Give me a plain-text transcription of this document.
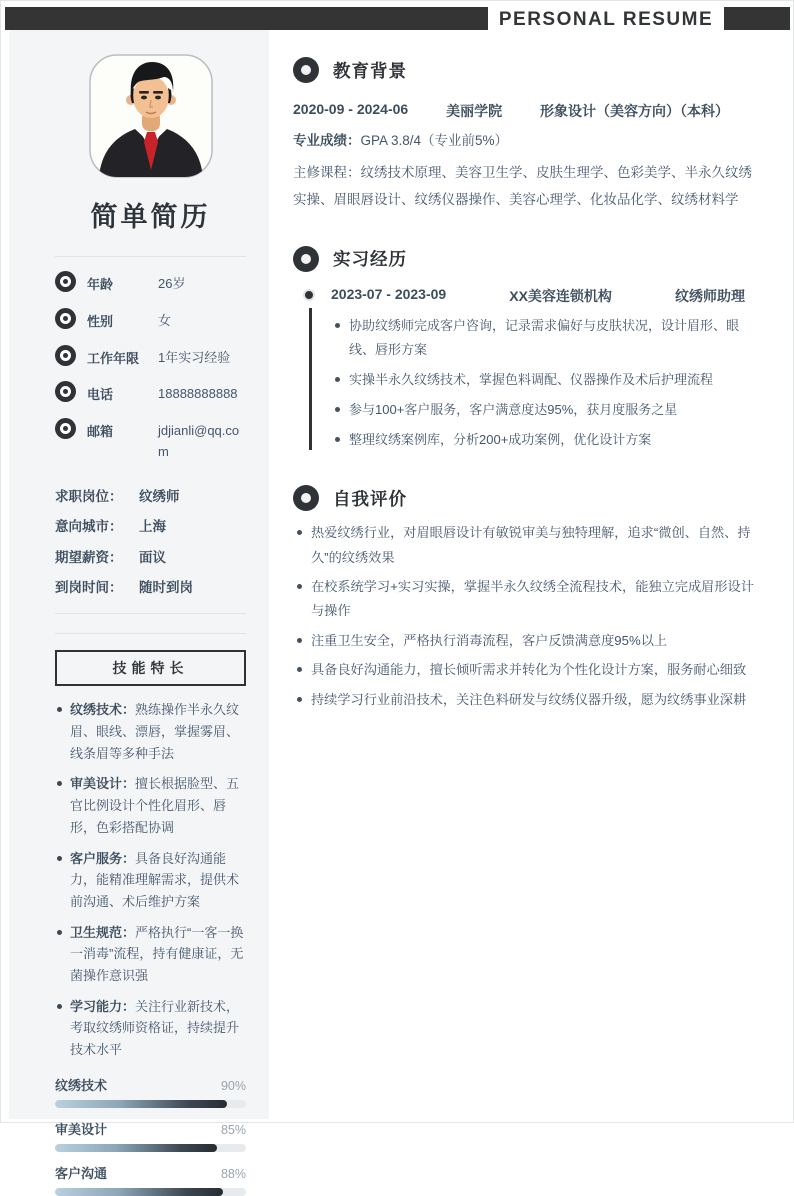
PERSONAL RESUME
简单简历
年龄	26岁
性别	女
工作年限	1年实习经验
电话	18888888888
邮箱	jdjianli@qq.com
求职岗位：	纹绣师
意向城市：	上海
期望薪资：	面议
到岗时间：	随时到岗
技能特长
纹绣技术：熟练操作半永久纹眉、眼线、漂唇，掌握雾眉、线条眉等多种手法
审美设计：擅长根据脸型、五官比例设计个性化眉形、唇形，色彩搭配协调
客户服务：具备良好沟通能力，能精准理解需求，提供术前沟通、术后维护方案
卫生规范：严格执行“一客一换一消毒”流程，持有健康证，无菌操作意识强
学习能力：关注行业新技术，考取纹绣师资格证，持续提升技术水平
纹绣技术	90%
审美设计	85%
客户沟通	88%
教育背景
2020-09 - 2024-06	美丽学院	形象设计（美容方向）（本科）
专业成绩：GPA 3.8/4（专业前5%）
主修课程：纹绣技术原理、美容卫生学、皮肤生理学、色彩美学、半永久纹绣实操、眉眼唇设计、纹绣仪器操作、美容心理学、化妆品化学、纹绣材料学
实习经历
2023-07 - 2023-09	XX美容连锁机构	纹绣师助理
协助纹绣师完成客户咨询，记录需求偏好与皮肤状况，设计眉形、眼线、唇形方案
实操半永久纹绣技术，掌握色料调配、仪器操作及术后护理流程
参与100+客户服务，客户满意度达95%，获月度服务之星
整理纹绣案例库，分析200+成功案例，优化设计方案
自我评价
热爱纹绣行业，对眉眼唇设计有敏锐审美与独特理解，追求“微创、自然、持久”的纹绣效果
在校系统学习+实习实操，掌握半永久纹绣全流程技术，能独立完成眉形设计与操作
注重卫生安全，严格执行消毒流程，客户反馈满意度95%以上
具备良好沟通能力，擅长倾听需求并转化为个性化设计方案，服务耐心细致
持续学习行业前沿技术，关注色料研发与纹绣仪器升级，愿为纹绣事业深耕
